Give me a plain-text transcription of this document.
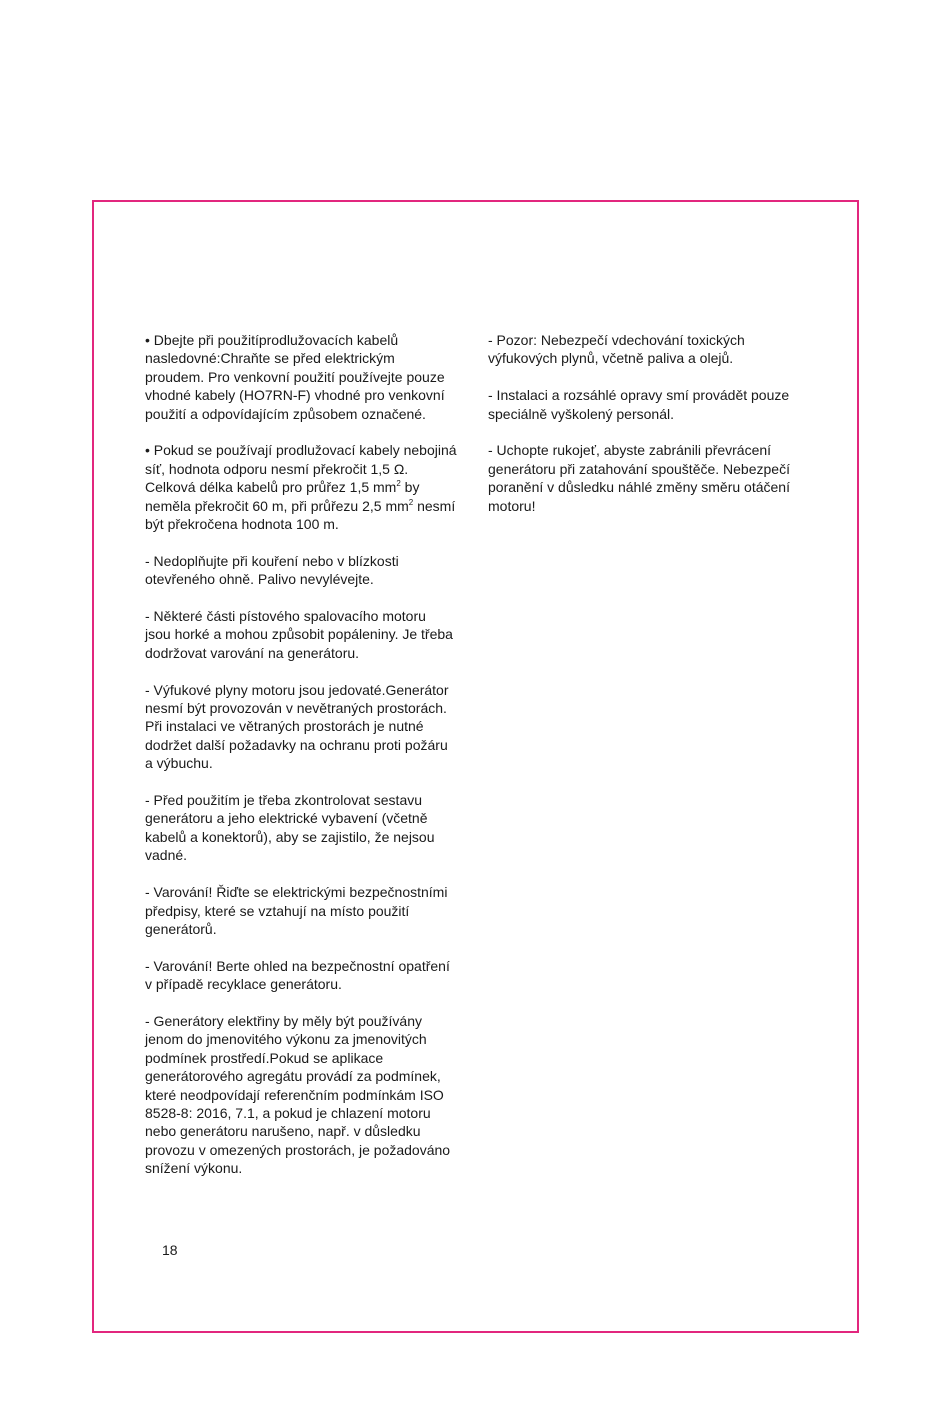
• Dbejte při použitíprodlužovacích kabelů
nasledovné:Chraňte se před elektrickým
proudem. Pro venkovní použití používejte pouze
vhodné kabely (HO7RN-F) vhodné pro venkovní
použití a odpovídajícím způsobem označené.

• Pokud se používají prodlužovací kabely nebojiná
síť, hodnota odporu nesmí překročit 1,5 Ω.
Celková délka kabelů pro průřez 1,5 $mm^2$ by
neměla překročit 60 m, při průřezu 2,5 $mm^2$ nesmí
být překročena hodnota 100 m.

- Nedoplňujte při kouření nebo v blízkosti
otevřeného ohně. Palivo nevylévejte.

- Některé části pístového spalovacího motoru
jsou horké a mohou způsobit popáleniny. Je třeba
dodržovat varování na generátoru.

- Výfukové plyny motoru jsou jedovaté.Generátor
nesmí být provozován v nevětraných prostorách.
Při instalaci ve větraných prostorách je nutné
dodržet další požadavky na ochranu proti požáru
a výbuchu.

- Před použitím je třeba zkontrolovat sestavu
generátoru a jeho elektrické vybavení (včetně
kabelů a konektorů), aby se zajistilo, že nejsou
vadné.

- Varování! Řiďte se elektrickými bezpečnostními
předpisy, které se vztahují na místo použití
generátorů.

- Varování! Berte ohled na bezpečnostní opatření
v případě recyklace generátoru.

- Generátory elektřiny by měly být používány
jenom do jmenovitého výkonu za jmenovitých
podmínek prostředí.Pokud se aplikace
generátorového agregátu provádí za podmínek,
které neodpovídají referenčním podmínkám ISO
8528-8: 2016, 7.1, a pokud je chlazení motoru
nebo generátoru narušeno, např. v důsledku
provozu v omezených prostorách, je požadováno
snížení výkonu.

- Pozor: Nebezpečí vdechování toxických
výfukových plynů, včetně paliva a olejů.

- Instalaci a rozsáhlé opravy smí provádět pouze
speciálně vyškolený personál.

- Uchopte rukojeť, abyste zabránili převrácení
generátoru při zatahování spouštěče. Nebezpečí
poranění v důsledku náhlé změny směru otáčení
motoru!

18
